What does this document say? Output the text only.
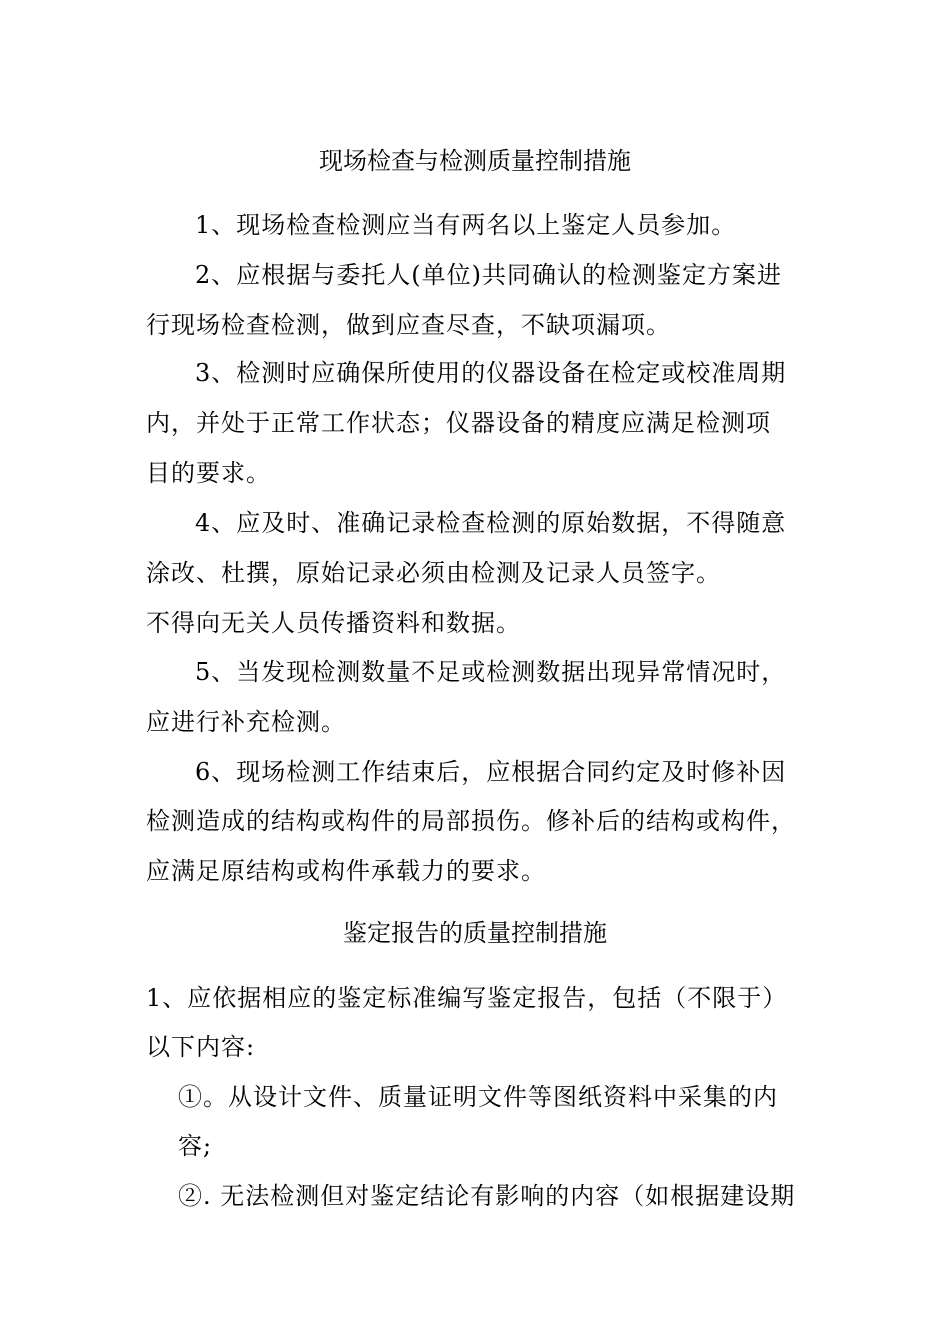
现场检查与检测质量控制措施
1、现场检查检测应当有两名以上鉴定人员参加。
2、应根据与委托人(单位)共同确认的检测鉴定方案进
行现场检查检测，做到应查尽查，不缺项漏项。
3、检测时应确保所使用的仪器设备在检定或校准周期
内，并处于正常工作状态；仪器设备的精度应满足检测项
目的要求。
4、应及时、准确记录检查检测的原始数据，不得随意
涂改、杜撰，原始记录必须由检测及记录人员签字。
不得向无关人员传播资料和数据。
5、当发现检测数量不足或检测数据出现异常情况时，
应进行补充检测。
6、现场检测工作结束后，应根据合同约定及时修补因
检测造成的结构或构件的局部损伤。修补后的结构或构件，
应满足原结构或构件承载力的要求。
鉴定报告的质量控制措施
1、应依据相应的鉴定标准编写鉴定报告，包括（不限于）
以下内容:
①。从设计文件、质量证明文件等图纸资料中采集的内
容;
②. 无法检测但对鉴定结论有影响的内容（如根据建设期
